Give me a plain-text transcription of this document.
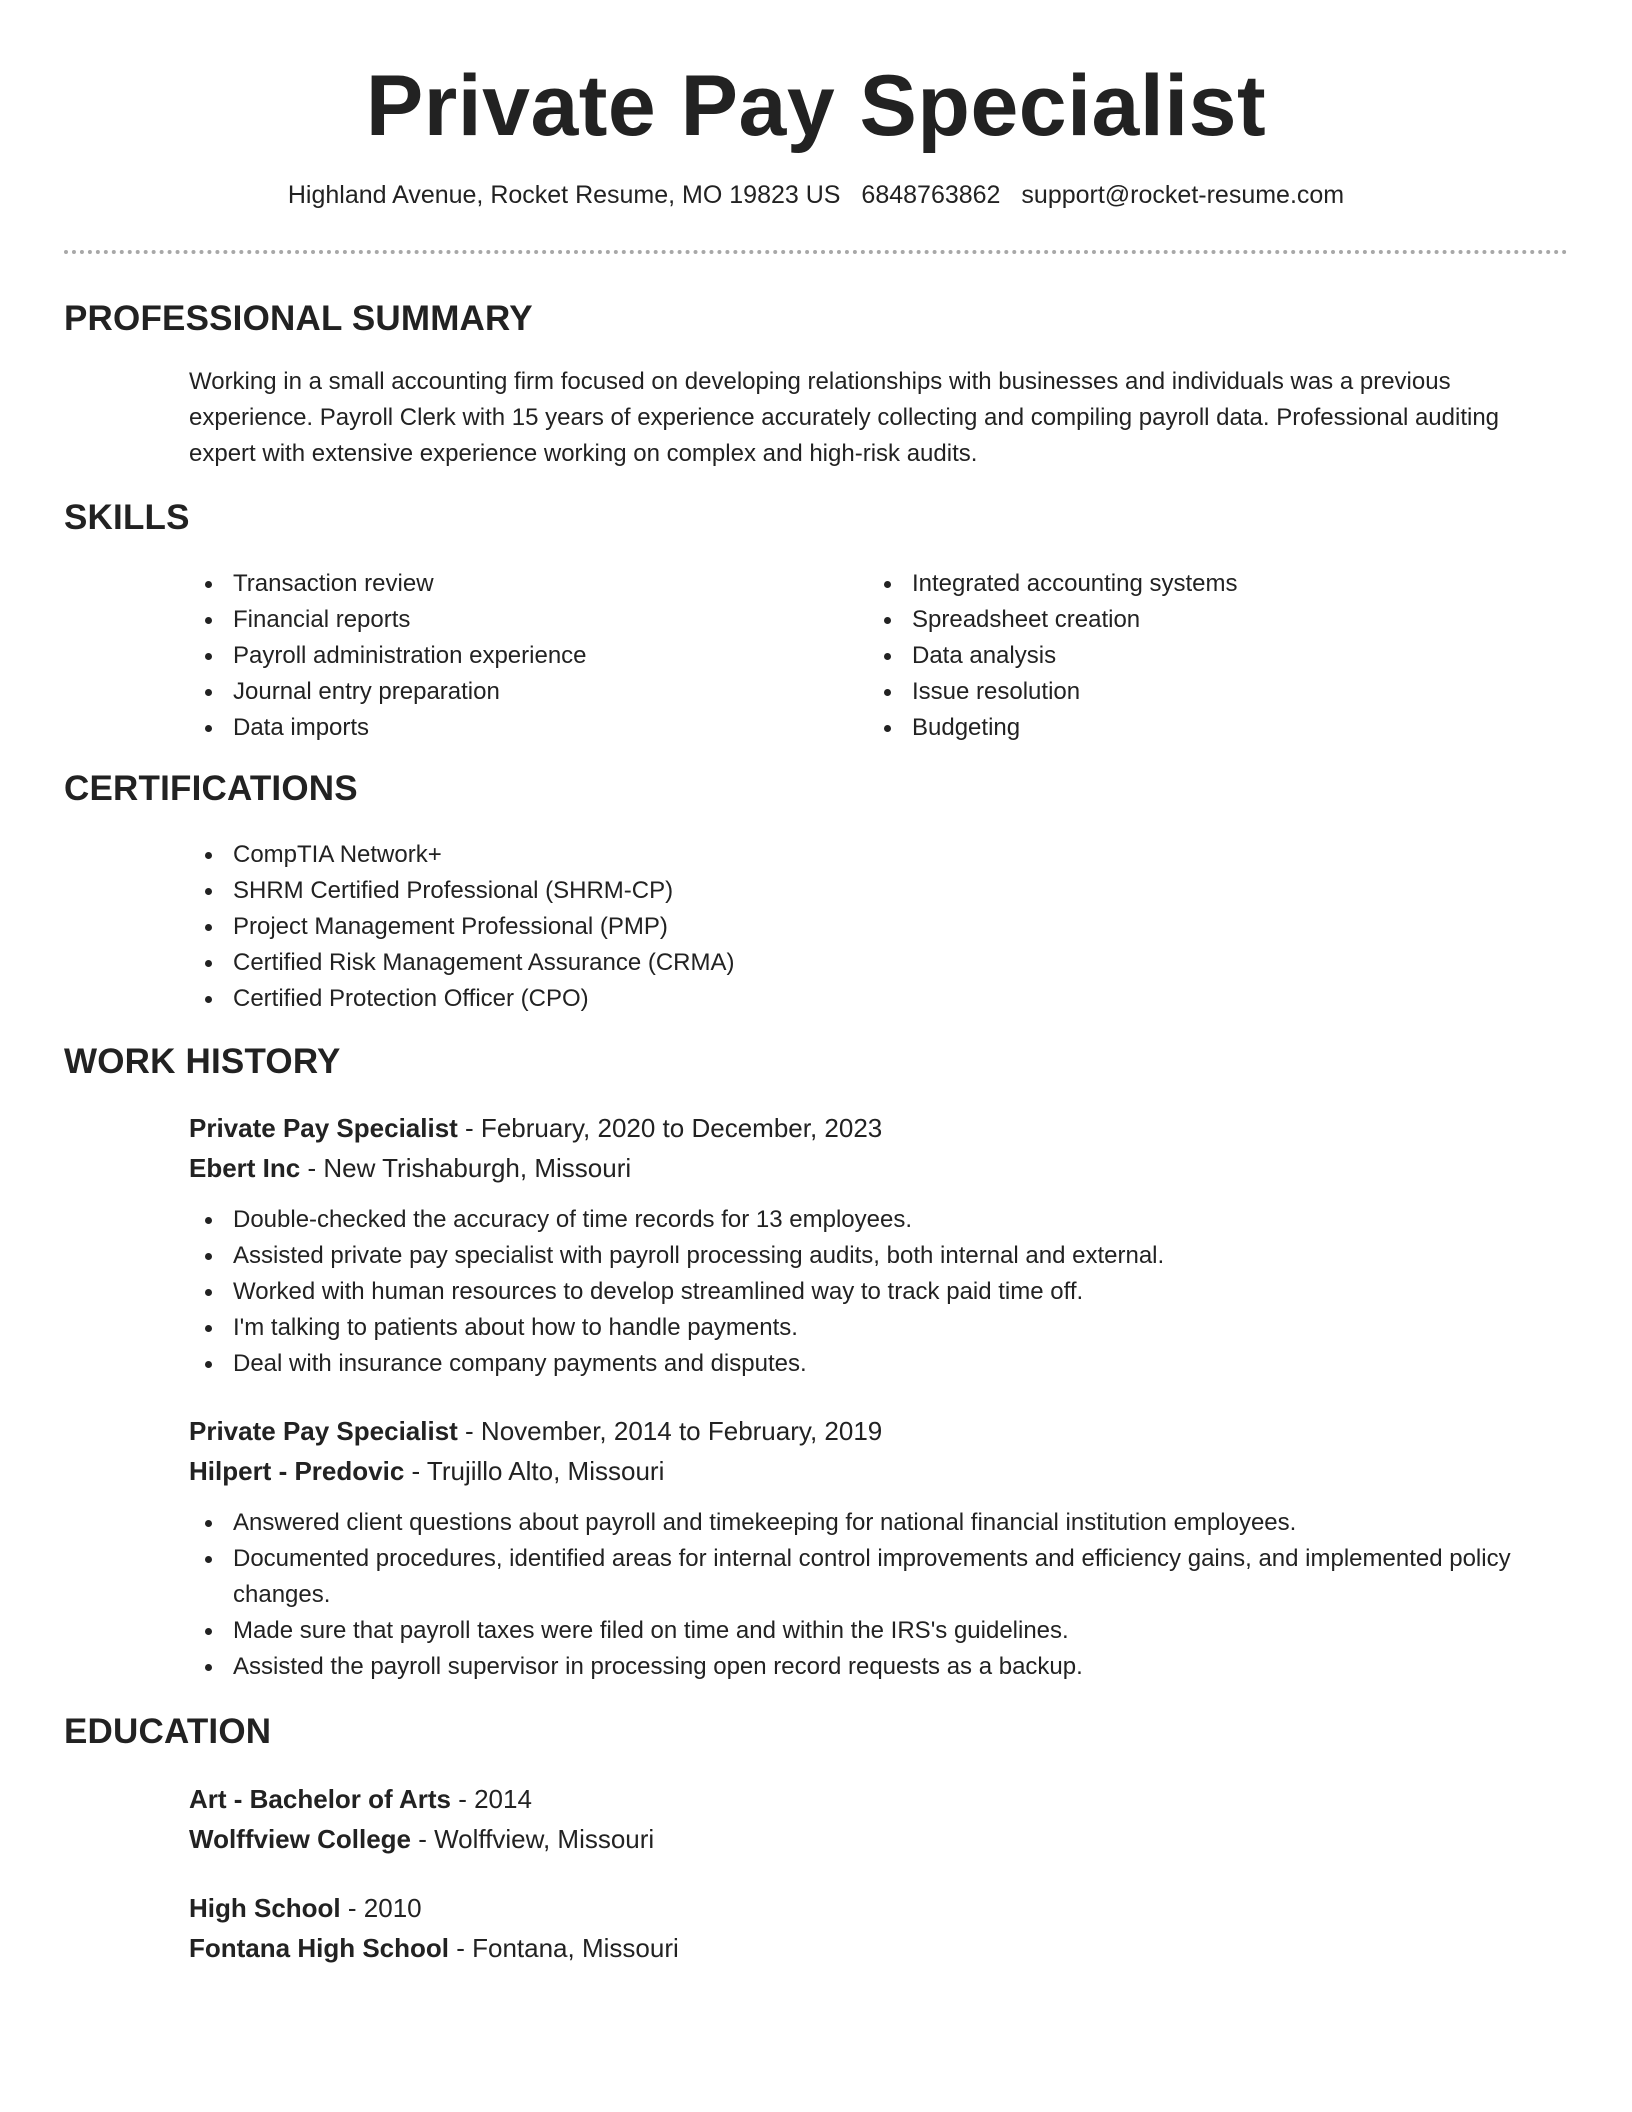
Private Pay Specialist
Highland Avenue, Rocket Resume, MO 19823 US 6848763862 support@rocket-resume.com
PROFESSIONAL SUMMARY
Working in a small accounting firm focused on developing relationships with businesses and individuals was a previous experience. Payroll Clerk with 15 years of experience accurately collecting and compiling payroll data. Professional auditing expert with extensive experience working on complex and high-risk audits.
SKILLS
Transaction review
Financial reports
Payroll administration experience
Journal entry preparation
Data imports
Integrated accounting systems
Spreadsheet creation
Data analysis
Issue resolution
Budgeting
CERTIFICATIONS
CompTIA Network+
SHRM Certified Professional (SHRM-CP)
Project Management Professional (PMP)
Certified Risk Management Assurance (CRMA)
Certified Protection Officer (CPO)
WORK HISTORY
Private Pay Specialist - February, 2020 to December, 2023
Ebert Inc - New Trishaburgh, Missouri
Double-checked the accuracy of time records for 13 employees.
Assisted private pay specialist with payroll processing audits, both internal and external.
Worked with human resources to develop streamlined way to track paid time off.
I'm talking to patients about how to handle payments.
Deal with insurance company payments and disputes.
Private Pay Specialist - November, 2014 to February, 2019
Hilpert - Predovic - Trujillo Alto, Missouri
Answered client questions about payroll and timekeeping for national financial institution employees.
Documented procedures, identified areas for internal control improvements and efficiency gains, and implemented policy changes.
Made sure that payroll taxes were filed on time and within the IRS's guidelines.
Assisted the payroll supervisor in processing open record requests as a backup.
EDUCATION
Art - Bachelor of Arts - 2014
Wolffview College - Wolffview, Missouri
High School - 2010
Fontana High School - Fontana, Missouri
